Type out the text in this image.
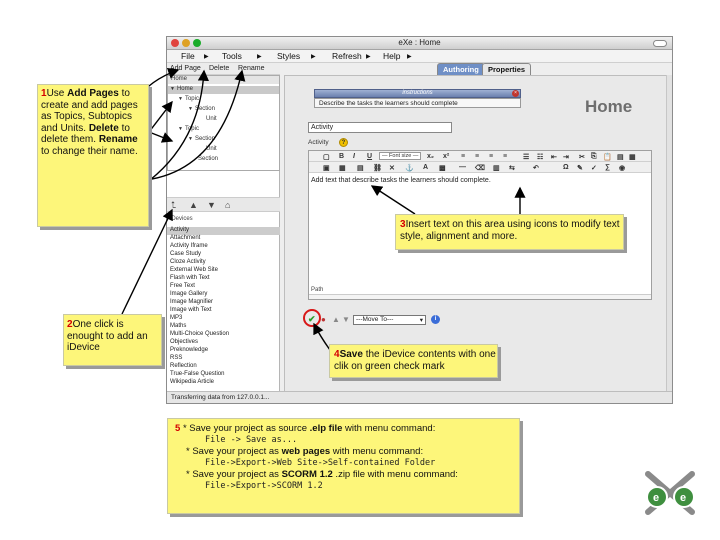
eXe : Home
File ▶ Tools	▶ Styles ▶ Refresh ▶ Help ▶
Add Page Delete Rename
Home
▼ Home
▼ Topic
▼ Section
Unit
▼ Topic
▼ Section
Unit
Section
⮤ ▲ ▼ ⌂
iDevices
Activity
Attachment
Activity Iframe
Case Study
Cloze Activity
External Web Site
Flash with Text
Free Text
Image Gallery
Image Magnifier
Image with Text
MP3
Maths
Multi-Choice Question
Objectives
Preknowledge
RSS
Reflection
True-False Question
Wikipedia Article
Authoring	Properties
instructions	×
Describe the tasks the learners should complete	Home
Activity
Activity	?
▢ B I U	— Font size —	x₂ x² ≡ ≡ ≡ ≡ ☰ ☷ ⇤ ⇥ ✂ ⎘ 📋 ▤ ▦
▣ ▦ ▤ ⛓ ✕ ⚓ A ▩ ― ⌫ ▥ ⇆	↶	Ω ✎ ✓ ∑ ◉
Add text that describe tasks the learners should complete.
Path
✔ ● ▲ ▼ ---Move To---	▾	i
Transferring data from 127.0.0.1...
1Use Add Pages to create and add pages as Topics, Subtopics and Units. Delete to delete them. Rename to change their name.
2One click is enought to add an iDevice
3Insert text on this area using icons to modify text style, alignment and more.
4Save the iDevice contents with one clik on green check mark
5 * Save your project as source .elp file with menu command:
File -> Save as...
* Save your project as web pages with menu command:
File->Export->Web Site->Self-contained Folder
* Save your project as SCORM 1.2 .zip file with menu command:
File->Export->SCORM 1.2
e e
